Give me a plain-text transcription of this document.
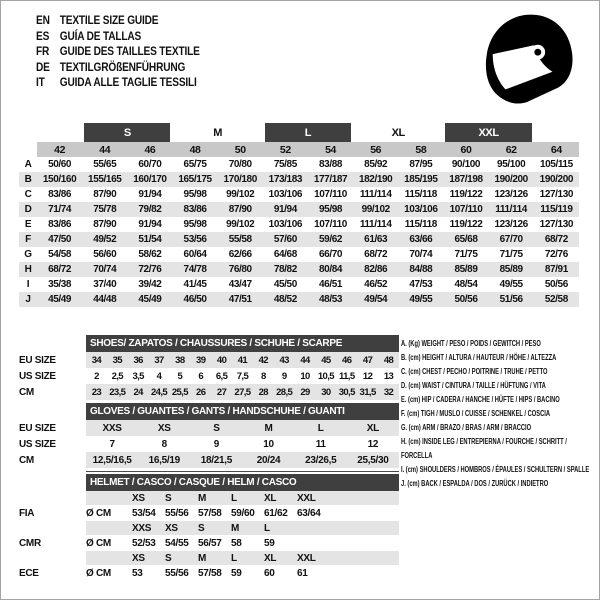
EN TEXTILE SIZE GUIDE
ES GUÍA DE TALLAS
FR GUIDE DES TAILLES TEXTILE
DE TEXTILGRÖßENFÜHRUNG
IT	GUIDA ALLE TAGLIE TESSILI
		S		M		L		XL		XXL		
	42	44	46	48	50	52	54	56	58	60	62	64
A	50/60	55/65	60/70	65/75	70/80	75/85	83/88	85/92	87/95	90/100	95/100	105/115
B	150/160	155/165	160/170	165/175	170/180	173/183	177/187	182/190	185/195	187/198	190/200	190/200
C	83/86	87/90	91/94	95/98	99/102	103/106	107/110	111/114	115/118	119/122	123/126	127/130
D	71/74	75/78	79/82	83/86	87/90	91/94	95/98	99/102	103/106	107/110	111/114	115/119
E	83/86	87/90	91/94	95/98	99/102	103/106	107/110	111/114	115/118	119/122	123/126	127/130
F	47/50	49/52	51/54	53/56	55/58	57/60	59/62	61/63	63/66	65/68	67/70	68/72
G	54/58	56/60	58/62	60/64	62/66	64/68	66/70	68/72	70/74	71/75	71/75	72/76
H	68/72	70/74	72/76	74/78	76/80	78/82	80/84	82/86	84/88	85/89	85/89	87/91
I	35/38	37/40	39/42	41/45	43/47	45/50	46/51	46/52	47/53	48/54	49/55	50/56
J	45/49	44/48	45/49	46/50	47/51	48/52	48/53	49/54	49/55	50/56	51/56	52/58
	SHOES/ ZAPATOS / CHAUSSURES / SCHUHE / SCARPE														
EU SIZE	34	35	36	37	38	39	40	41	42	43	44	45	46	47	48
US SIZE	2	2,5	3,5	4	5	6	6,5	7,5	8	9	10	10,5	11,5	12	13
CM	23	23,5	24	24,5	25,5	26	27	27,5	28	28,5	29	30	30,5	31,5	32
	GLOVES / GUANTES / GANTS / HANDSCHUHE / GUANTI					
EU SIZE	XXS	XS	S	M	L	XL
US SIZE	7	8	9	10	11	12
CM	12,5/16,5	16,5/19	18/21,5	20/24	23/26,5	25,5/30
	HELMET / CASCO / CASQUE / HELM / CASCO							
		XS	S	M	L	XL	XXL	
FIA	Ø CM	53/54	55/56	57/58	59/60	61/62	63/64	
		XXS	XS	S	M	L		
CMR	Ø CM	52/53	54/55	56/57	58	59		
		XS	S	M	L	XL	XXL	
ECE	Ø CM	53	55/56	57/58	59	60	61	
A. (Kg) WEIGHT / PESO / POIDS / GEWITCH / PESO
B. (cm) HEIGHT / ALTURA / HAUTEUR / HÖHE / ALTEZZA
C. (cm) CHEST / PECHO / POITRINE / TRUHE / PETTO
D. (cm) WAIST / CINTURA / TAILLE / HÜFTUNG / VITA
E. (cm) HIP / CADERA / HANCHE / HÜFTE / HIPS / BACINO
F. (cm) TIGH / MUSLO / CUISSE / SCHENKEL / COSCIA
G. (cm) ARM / BRAZO / BRAS / ARM / BRACCIO
H. (cm) INSIDE LEG / ENTREPIERNA / FOURCHE / SCHRITT / FORCELLA
I. (cm) SHOULDERS / HOMBROS / ÉPAULES / SCHULTERN / SPALLE
J. (cm) BACK / ESPALDA / DOS / ZURÜCK / INDIETRO
